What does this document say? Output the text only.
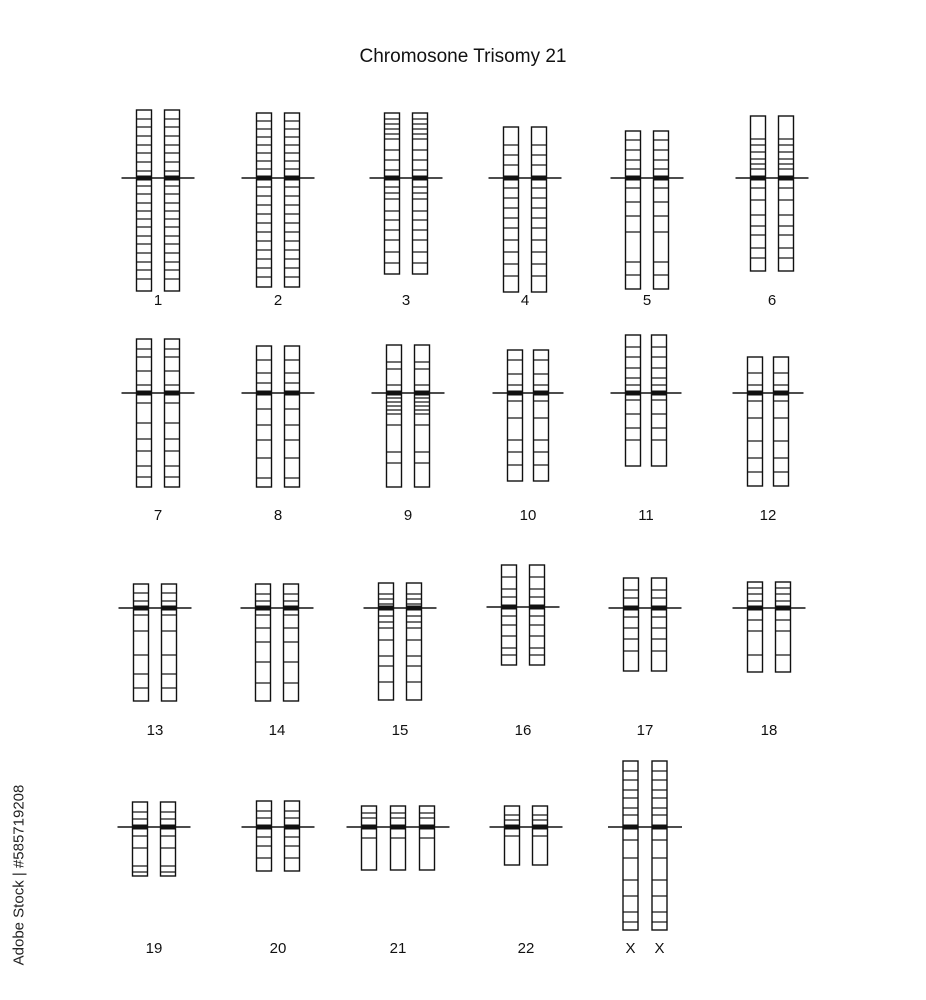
Chromosone Trisomy 21
1	2	3	4	5	6
7	8	9	10	11	12
13	14	15	16	17	18
19	20	21	22	X X
Adobe Stock | #585719208
